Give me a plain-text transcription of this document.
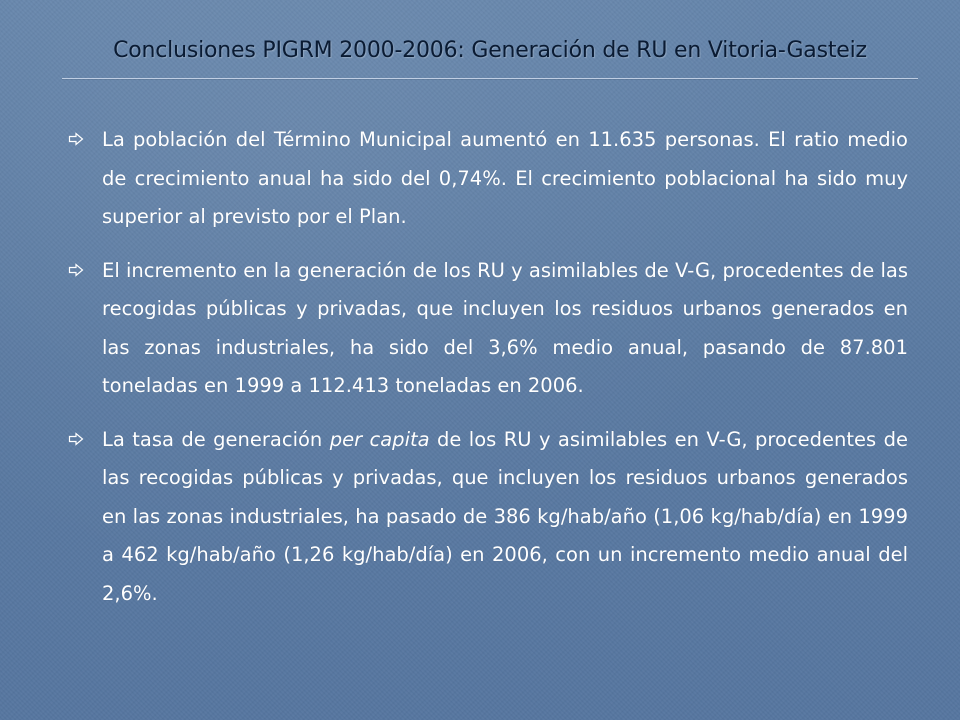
Conclusiones PIGRM 2000-2006: Generación de RU en Vitoria-Gasteiz
La población del Término Municipal aumentó en 11.635 personas. El ratio medio de crecimiento anual ha sido del 0,74%. El crecimiento poblacional ha sido muy superior al previsto por el Plan.
El incremento en la generación de los RU y asimilables de V-G, procedentes de las recogidas públicas y privadas, que incluyen los residuos urbanos generados en las zonas industriales, ha sido del 3,6% medio anual, pasando de 87.801 toneladas en 1999 a 112.413 toneladas en 2006.
La tasa de generación per capita de los RU y asimilables en V-G, procedentes de las recogidas públicas y privadas, que incluyen los residuos urbanos generados en las zonas industriales, ha pasado de 386 kg/hab/año (1,06 kg/hab/día) en 1999 a 462 kg/hab/año (1,26 kg/hab/día) en 2006, con un incremento medio anual del 2,6%.
